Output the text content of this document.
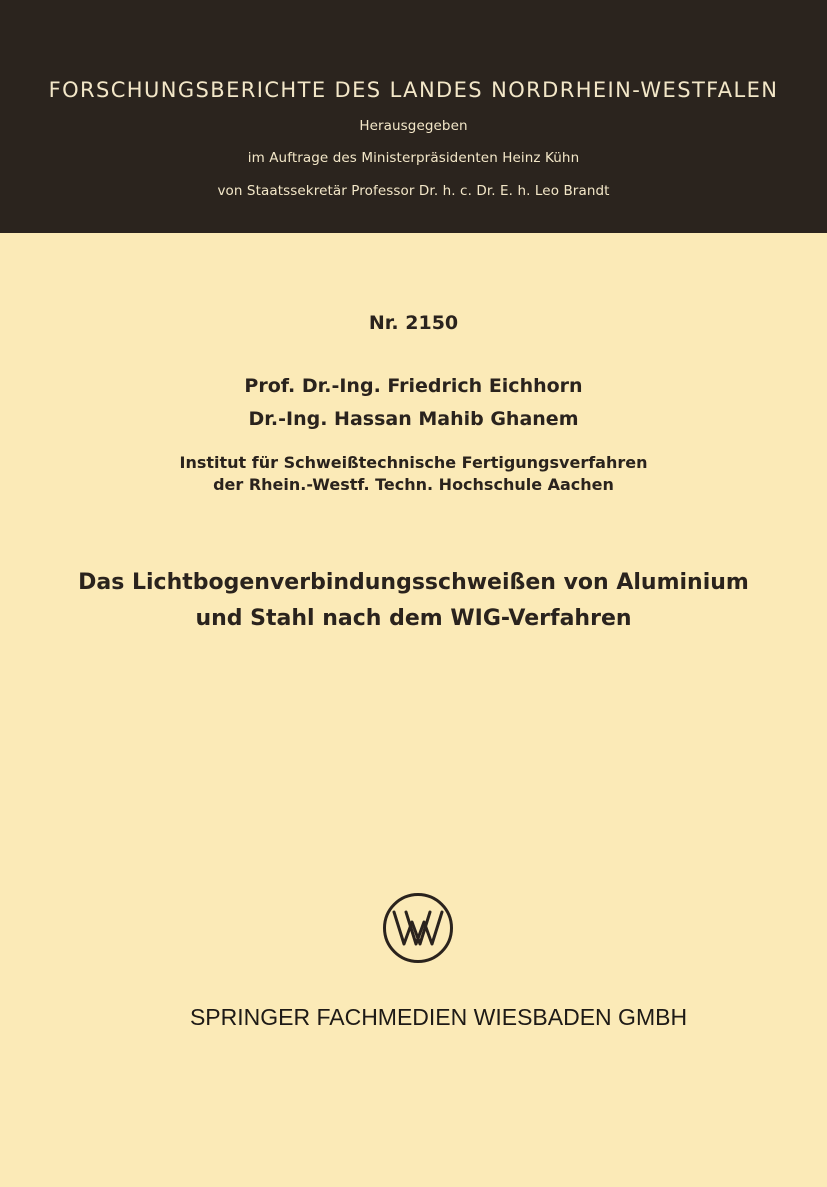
FORSCHUNGSBERICHTE DES LANDES NORDRHEIN-WESTFALEN
Herausgegeben
im Auftrage des Ministerpräsidenten Heinz Kühn
von Staatssekretär Professor Dr. h. c. Dr. E. h. Leo Brandt
Nr. 2150
Prof. Dr.-Ing. Friedrich Eichhorn
Dr.-Ing. Hassan Mahib Ghanem
Institut für Schweißtechnische Fertigungsverfahren
der Rhein.-Westf. Techn. Hochschule Aachen
Das Lichtbogenverbindungsschweißen von Aluminium
und Stahl nach dem WIG-Verfahren
SPRINGER FACHMEDIEN WIESBADEN GMBH
